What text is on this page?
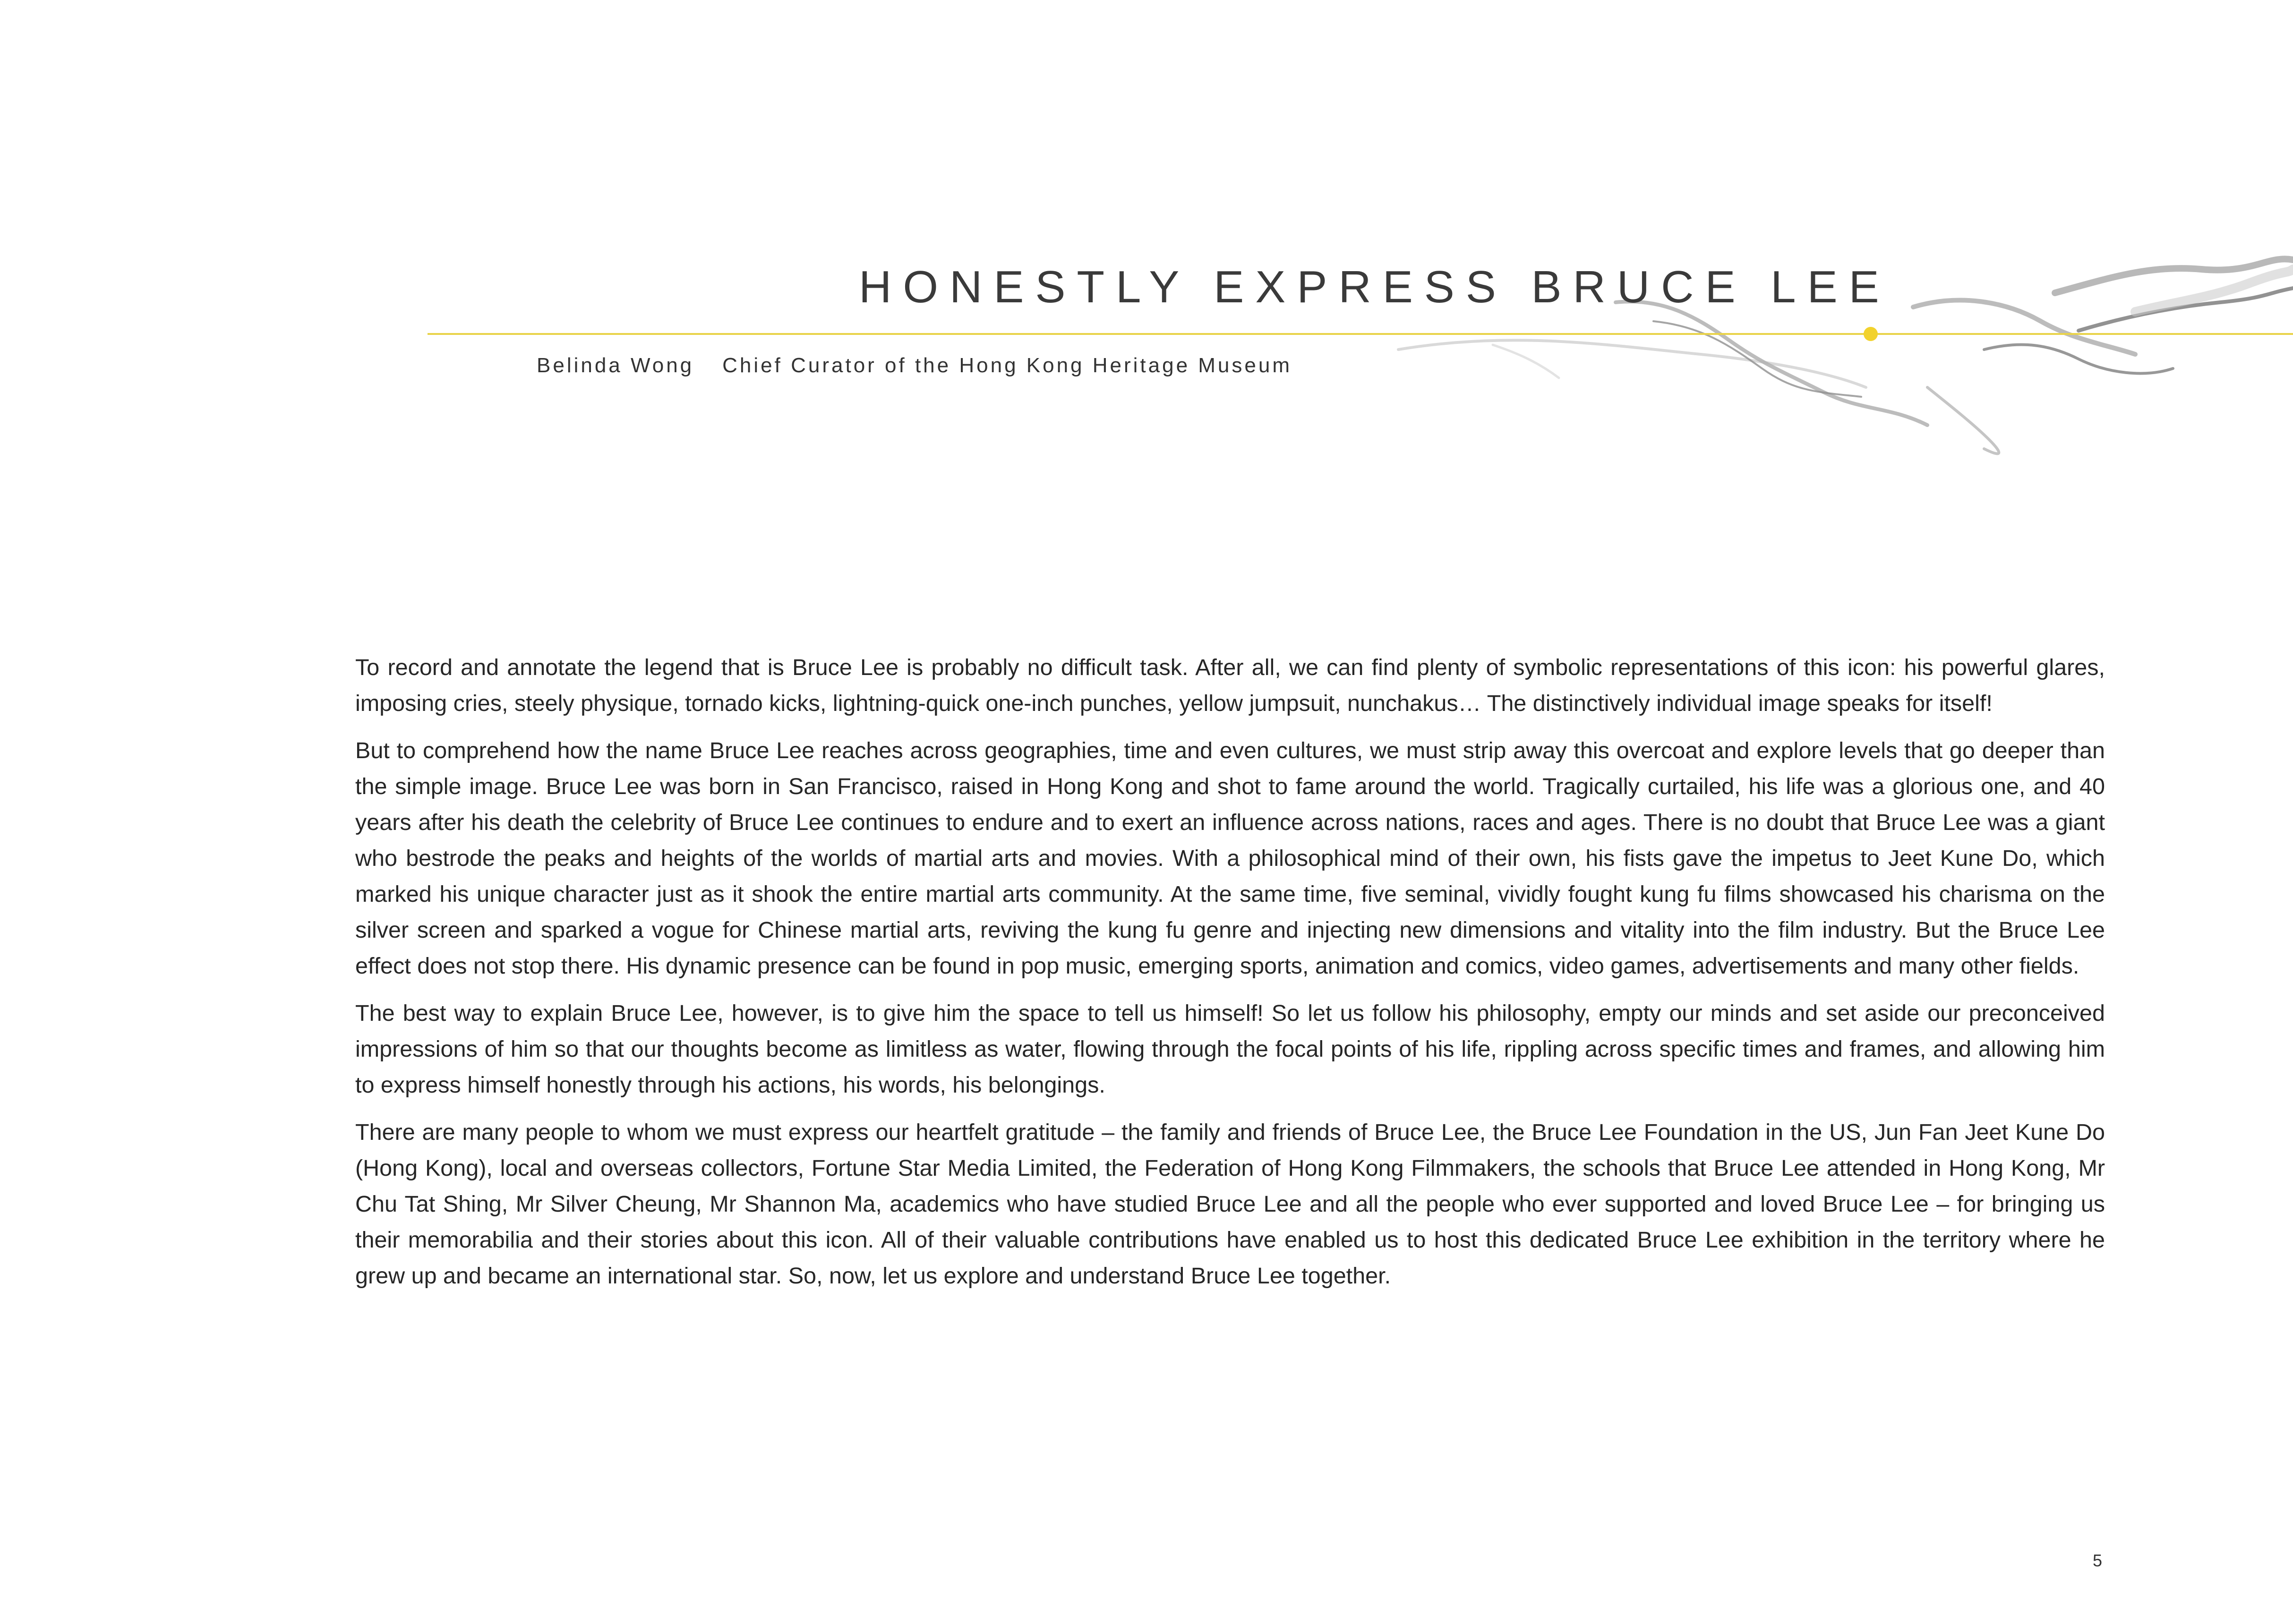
HONESTLY EXPRESS BRUCE LEE
Belinda Wong Chief Curator of the Hong Kong Heritage Museum

To record and annotate the legend that is Bruce Lee is probably no difficult task. After all, we can find plenty of symbolic representations of this icon: his powerful glares, imposing cries, steely physique, tornado kicks, lightning-quick one-inch punches, yellow jumpsuit, nunchakus… The distinctively individual image speaks for itself!

But to comprehend how the name Bruce Lee reaches across geographies, time and even cultures, we must strip away this overcoat and explore levels that go deeper than the simple image. Bruce Lee was born in San Francisco, raised in Hong Kong and shot to fame around the world. Tragically curtailed, his life was a glorious one, and 40 years after his death the celebrity of Bruce Lee continues to endure and to exert an influence across nations, races and ages. There is no doubt that Bruce Lee was a giant who bestrode the peaks and heights of the worlds of martial arts and movies. With a philosophical mind of their own, his fists gave the impetus to Jeet Kune Do, which marked his unique character just as it shook the entire martial arts community. At the same time, five seminal, vividly fought kung fu films showcased his charisma on the silver screen and sparked a vogue for Chinese martial arts, reviving the kung fu genre and injecting new dimensions and vitality into the film industry. But the Bruce Lee effect does not stop there. His dynamic presence can be found in pop music, emerging sports, animation and comics, video games, advertisements and many other fields.

The best way to explain Bruce Lee, however, is to give him the space to tell us himself! So let us follow his philosophy, empty our minds and set aside our preconceived impressions of him so that our thoughts become as limitless as water, flowing through the focal points of his life, rippling across specific times and frames, and allowing him to express himself honestly through his actions, his words, his belongings.

There are many people to whom we must express our heartfelt gratitude – the family and friends of Bruce Lee, the Bruce Lee Foundation in the US, Jun Fan Jeet Kune Do (Hong Kong), local and overseas collectors, Fortune Star Media Limited, the Federation of Hong Kong Filmmakers, the schools that Bruce Lee attended in Hong Kong, Mr Chu Tat Shing, Mr Silver Cheung, Mr Shannon Ma, academics who have studied Bruce Lee and all the people who ever supported and loved Bruce Lee – for bringing us their memorabilia and their stories about this icon. All of their valuable contributions have enabled us to host this dedicated Bruce Lee exhibition in the territory where he grew up and became an international star. So, now, let us explore and understand Bruce Lee together.

5
